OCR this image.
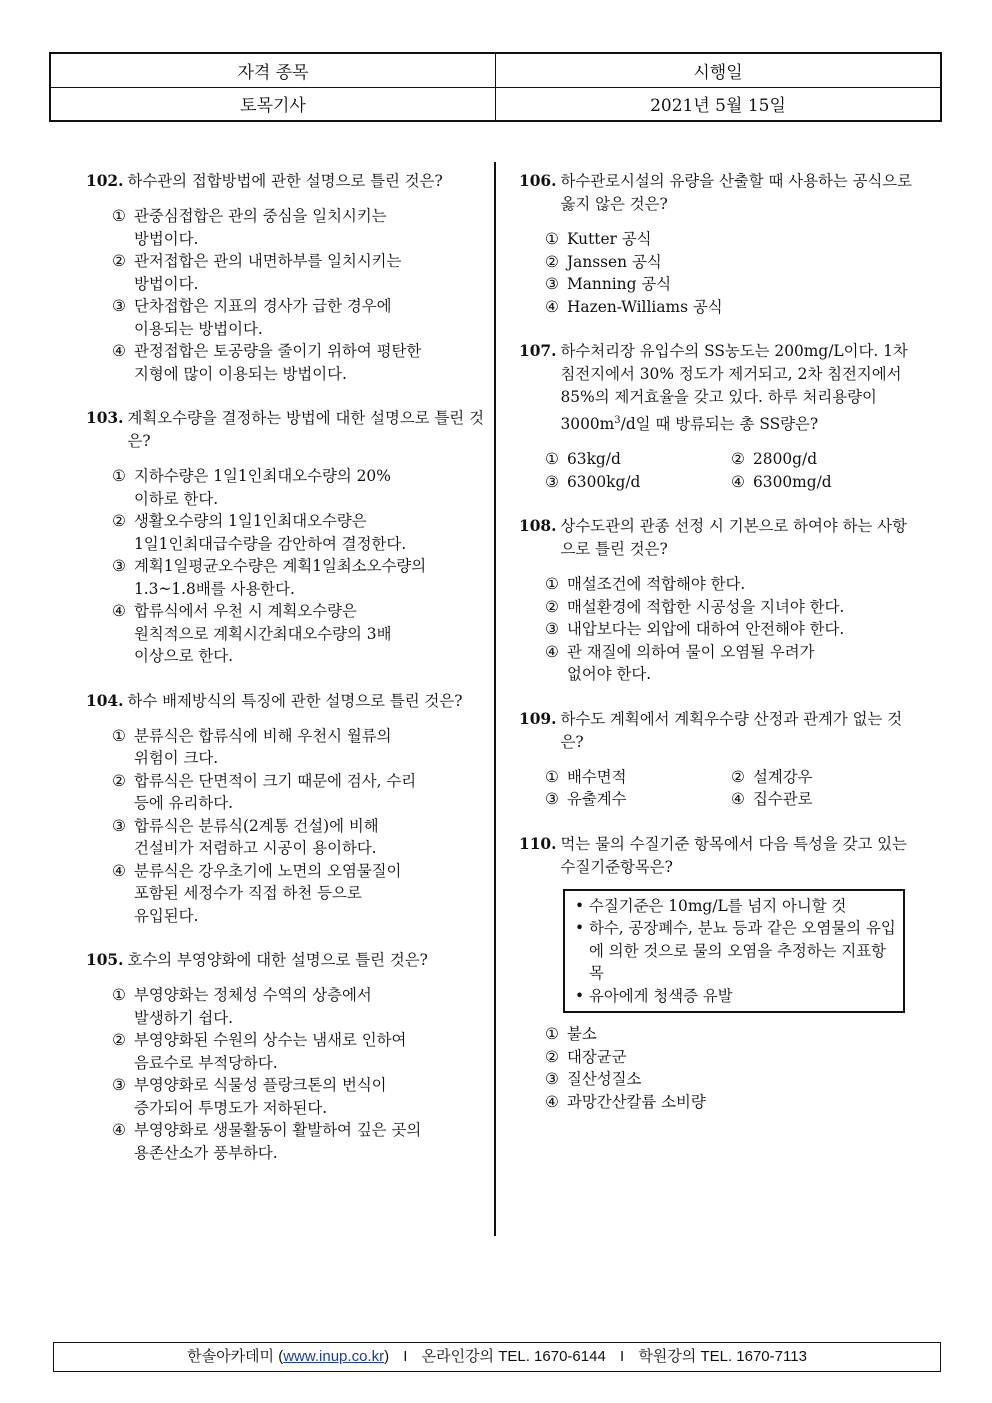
자격 종목	시행일
토목기사	2021년 5월 15일
102. 하수관의 접합방법에 관한 설명으로 틀린 것은?
① 관중심접합은 관의 중심을 일치시키는
방법이다.
② 관저접합은 관의 내면하부를 일치시키는
방법이다.
③ 단차접합은 지표의 경사가 급한 경우에
이용되는 방법이다.
④ 관정접합은 토공량을 줄이기 위하여 평탄한
지형에 많이 이용되는 방법이다.
103. 계획오수량을 결정하는 방법에 대한 설명으로 틀린 것은?
① 지하수량은 1일1인최대오수량의 20%
이하로 한다.
② 생활오수량의 1일1인최대오수량은
1일1인최대급수량을 감안하여 결정한다.
③ 계획1일평균오수량은 계획1일최소오수량의
1.3~1.8배를 사용한다.
④ 합류식에서 우천 시 계획오수량은
원칙적으로 계획시간최대오수량의 3배
이상으로 한다.
104. 하수 배제방식의 특징에 관한 설명으로 틀린 것은?
① 분류식은 합류식에 비해 우천시 월류의
위험이 크다.
② 합류식은 단면적이 크기 때문에 검사, 수리
등에 유리하다.
③ 합류식은 분류식(2계통 건설)에 비해
건설비가 저렴하고 시공이 용이하다.
④ 분류식은 강우초기에 노면의 오염물질이
포함된 세정수가 직접 하천 등으로
유입된다.
105. 호수의 부영양화에 대한 설명으로 틀린 것은?
① 부영양화는 정체성 수역의 상층에서
발생하기 쉽다.
② 부영양화된 수원의 상수는 냄새로 인하여
음료수로 부적당하다.
③ 부영양화로 식물성 플랑크톤의 번식이
증가되어 투명도가 저하된다.
④ 부영양화로 생물활동이 활발하여 깊은 곳의
용존산소가 풍부하다.
106. 하수관로시설의 유량을 산출할 때 사용하는 공식으로 옳지 않은 것은?
① Kutter 공식
② Janssen 공식
③ Manning 공식
④ Hazen-Williams 공식
107. 하수처리장 유입수의 SS농도는 200mg/L이다. 1차 침전지에서 30% 정도가 제거되고, 2차 침전지에서 85%의 제거효율을 갖고 있다. 하루 처리용량이 $3000m^3/d$일 때 방류되는 총 SS량은?
① 63kg/d	② 2800g/d
③ 6300kg/d	④ 6300mg/d
108. 상수도관의 관종 선정 시 기본으로 하여야 하는 사항으로 틀린 것은?
① 매설조건에 적합해야 한다.
② 매설환경에 적합한 시공성을 지녀야 한다.
③ 내압보다는 외압에 대하여 안전해야 한다.
④ 관 재질에 의하여 물이 오염될 우려가
없어야 한다.
109. 하수도 계획에서 계획우수량 산정과 관계가 없는 것은?
① 배수면적	② 설계강우
③ 유출계수	④ 집수관로
110. 먹는 물의 수질기준 항목에서 다음 특성을 갖고 있는 수질기준항목은?
• 수질기준은 10mg/L를 넘지 아니할 것
• 하수, 공장폐수, 분뇨 등과 같은 오염물의 유입에 의한 것으로 물의 오염을 추정하는 지표항목
• 유아에게 청색증 유발
① 불소
② 대장균군
③ 질산성질소
④ 과망간산칼륨 소비량
한솔아카데미 (www.inup.co.kr) I 온라인강의 TEL. 1670-6144 I 학원강의 TEL. 1670-7113
